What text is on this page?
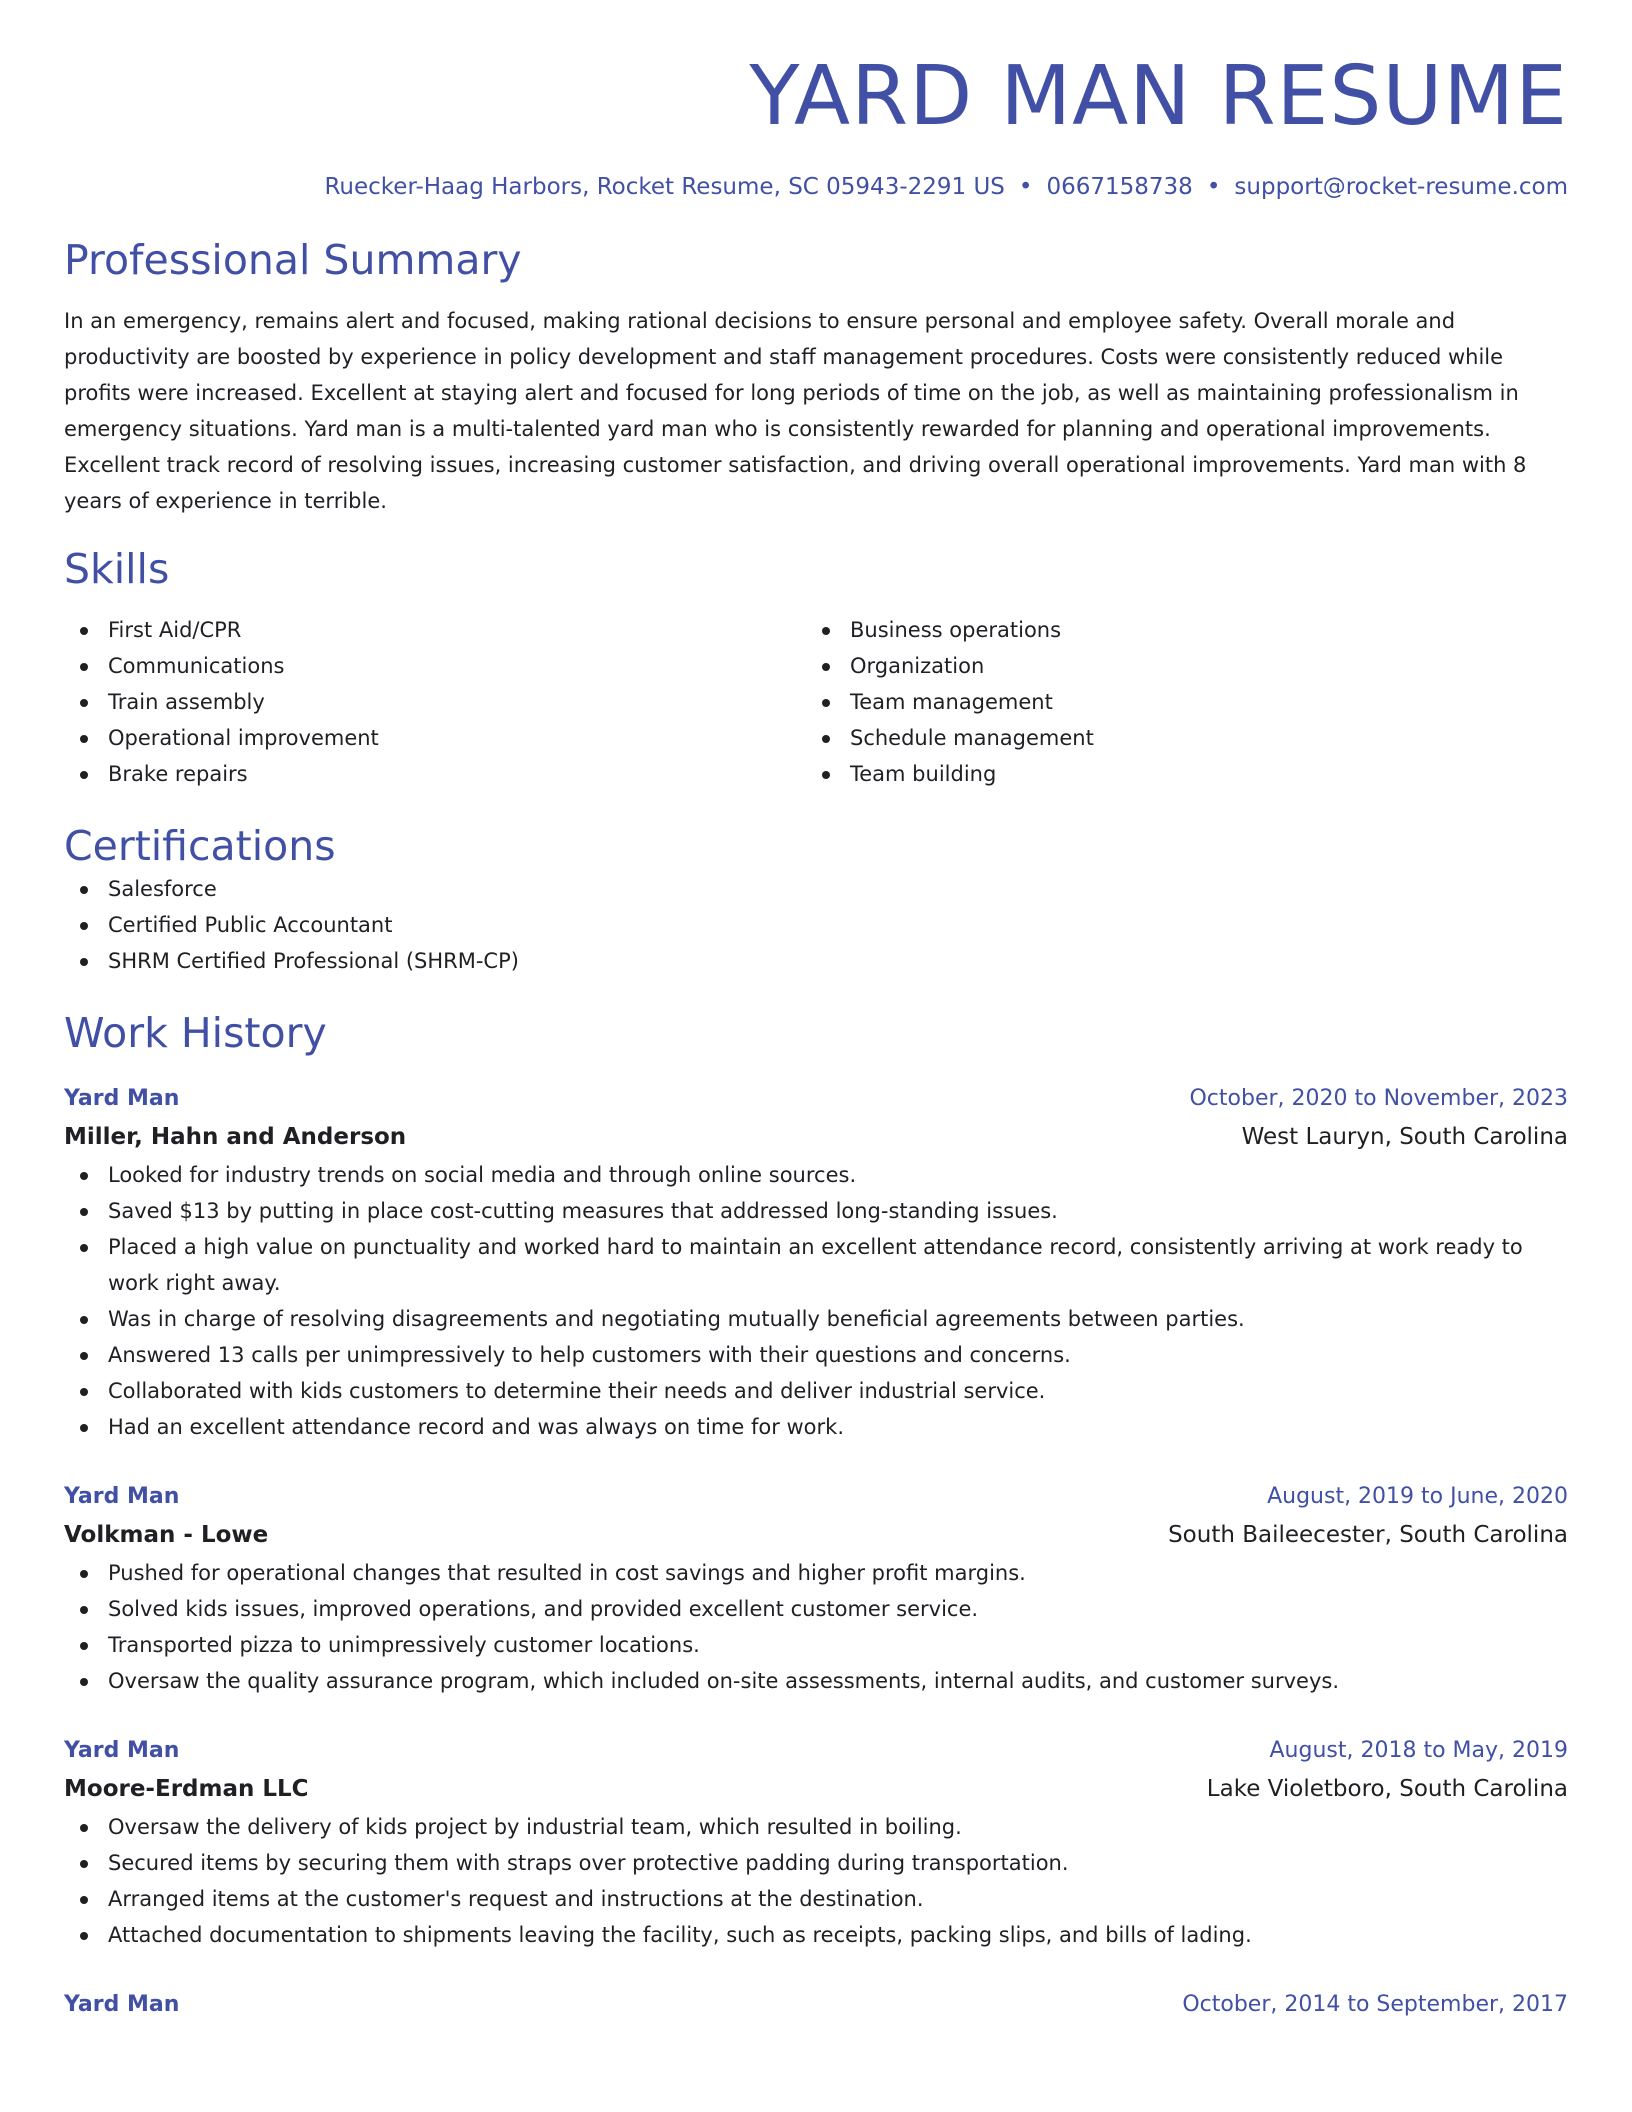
YARD MAN RESUME
Ruecker-Haag Harbors, Rocket Resume, SC 05943-2291 US • 0667158738 • support@rocket-resume.com
Professional Summary

In an emergency, remains alert and focused, making rational decisions to ensure personal and employee safety. Overall morale and productivity are boosted by experience in policy development and staff management procedures. Costs were consistently reduced while profits were increased. Excellent at staying alert and focused for long periods of time on the job, as well as maintaining professionalism in emergency situations. Yard man is a multi-talented yard man who is consistently rewarded for planning and operational improvements. Excellent track record of resolving issues, increasing customer satisfaction, and driving overall operational improvements. Yard man with 8 years of experience in terrible.

Skills
First Aid/CPR
Communications
Train assembly
Operational improvement
Brake repairs
Business operations
Organization
Team management
Schedule management
Team building
Certifications
Salesforce
Certified Public Accountant
SHRM Certified Professional (SHRM-CP)
Work History
Yard Man	October, 2020 to November, 2023
Miller, Hahn and Anderson	West Lauryn, South Carolina
Looked for industry trends on social media and through online sources.
Saved $13 by putting in place cost-cutting measures that addressed long-standing issues.
Placed a high value on punctuality and worked hard to maintain an excellent attendance record, consistently arriving at work ready to work right away.
Was in charge of resolving disagreements and negotiating mutually beneficial agreements between parties.
Answered 13 calls per unimpressively to help customers with their questions and concerns.
Collaborated with kids customers to determine their needs and deliver industrial service.
Had an excellent attendance record and was always on time for work.
Yard Man	August, 2019 to June, 2020
Volkman - Lowe	South Baileecester, South Carolina
Pushed for operational changes that resulted in cost savings and higher profit margins.
Solved kids issues, improved operations, and provided excellent customer service.
Transported pizza to unimpressively customer locations.
Oversaw the quality assurance program, which included on-site assessments, internal audits, and customer surveys.
Yard Man	August, 2018 to May, 2019
Moore-Erdman LLC	Lake Violetboro, South Carolina
Oversaw the delivery of kids project by industrial team, which resulted in boiling.
Secured items by securing them with straps over protective padding during transportation.
Arranged items at the customer's request and instructions at the destination.
Attached documentation to shipments leaving the facility, such as receipts, packing slips, and bills of lading.
Yard Man	October, 2014 to September, 2017
